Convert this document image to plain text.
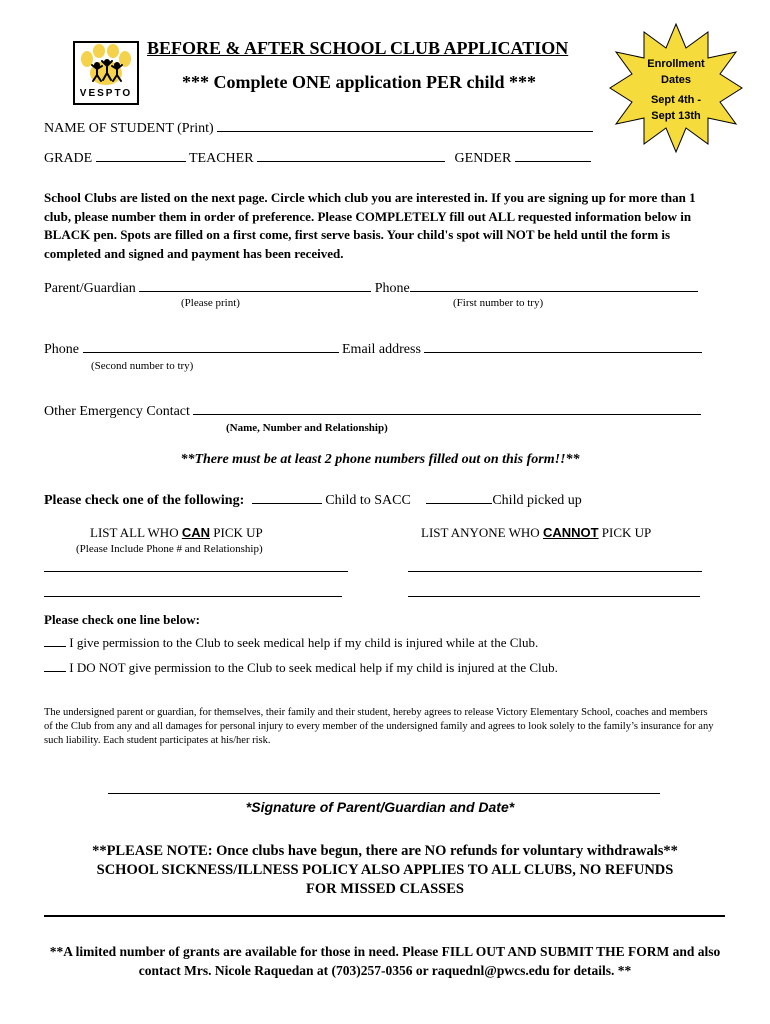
VESPTO
Enrollment
Dates
Sept 4th -
Sept 13th
BEFORE & AFTER SCHOOL CLUB APPLICATION
*** Complete ONE application PER child ***
NAME OF STUDENT (Print)
GRADE	TEACHER	GENDER
School Clubs are listed on the next page. Circle which club you are interested in. If you are signing up for more than 1 club, please number them in order of preference. Please COMPLETELY fill out ALL requested information below in BLACK pen. Spots are filled on a first come, first serve basis. Your child's spot will NOT be held until the form is completed and signed and payment has been received.
Parent/Guardian	Phone
(Please print)	(First number to try)
Phone	Email address
(Second number to try)
Other Emergency Contact
(Name, Number and Relationship)
**There must be at least 2 phone numbers filled out on this form!!**
Please check one of the following:	Child to SACC	Child picked up
LIST ALL WHO CAN PICK UP
(Please Include Phone # and Relationship)
LIST ANYONE WHO CANNOT PICK UP
Please check one line below:
I give permission to the Club to seek medical help if my child is injured while at the Club.
I DO NOT give permission to the Club to seek medical help if my child is injured at the Club.
The undersigned parent or guardian, for themselves, their family and their student, hereby agrees to release Victory Elementary School, coaches and members of the Club from any and all damages for personal injury to every member of the undersigned family and agrees to look solely to the family’s insurance for any such liability. Each student participates at his/her risk.
*Signature of Parent/Guardian and Date*
**PLEASE NOTE: Once clubs have begun, there are NO refunds for voluntary withdrawals**
SCHOOL SICKNESS/ILLNESS POLICY ALSO APPLIES TO ALL CLUBS, NO REFUNDS
FOR MISSED CLASSES
**A limited number of grants are available for those in need. Please FILL OUT AND SUBMIT THE FORM and also contact Mrs. Nicole Raquedan at (703)257-0356 or raquednl@pwcs.edu for details. **
